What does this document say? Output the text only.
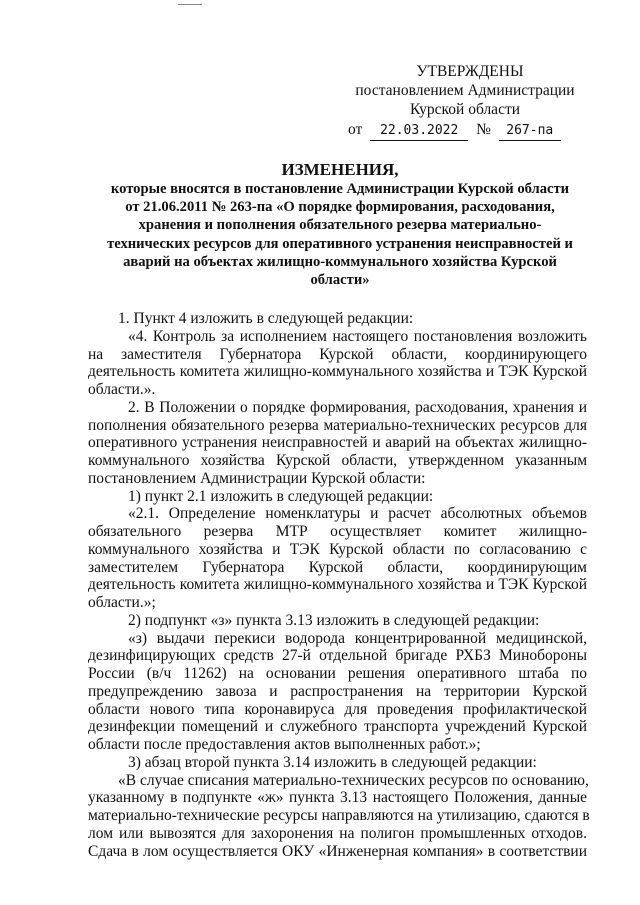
УТВЕРЖДЕНЫ
постановлением Администрации
Курской области
от 22.03.2022 № 267-па
ИЗМЕНЕНИЯ,
которые вносятся в постановление Администрации Курской области
от 21.06.2011 № 263-па «О порядке формирования, расходования,
хранения и пополнения обязательного резерва материально-
технических ресурсов для оперативного устранения неисправностей и
аварий на объектах жилищно-коммунального хозяйства Курской
области»
1. Пункт 4 изложить в следующей редакции:
«4. Контроль за исполнением настоящего постановления возложить
на заместителя Губернатора Курской области, координирующего
деятельность комитета жилищно-коммунального хозяйства и ТЭК Курской
области.».
2. В Положении о порядке формирования, расходования, хранения и
пополнения обязательного резерва материально-технических ресурсов для
оперативного устранения неисправностей и аварий на объектах жилищно-
коммунального хозяйства Курской области, утвержденном указанным
постановлением Администрации Курской области:
1) пункт 2.1 изложить в следующей редакции:
«2.1. Определение номенклатуры и расчет абсолютных объемов
обязательного резерва МТР осуществляет комитет жилищно-
коммунального хозяйства и ТЭК Курской области по согласованию с
заместителем Губернатора Курской области, координирующим
деятельность комитета жилищно-коммунального хозяйства и ТЭК Курской
области.»;
2) подпункт «з» пункта 3.13 изложить в следующей редакции:
«з) выдачи перекиси водорода концентрированной медицинской,
дезинфицирующих средств 27-й отдельной бригаде РХБЗ Минобороны
России (в/ч 11262) на основании решения оперативного штаба по
предупреждению завоза и распространения на территории Курской
области нового типа коронавируса для проведения профилактической
дезинфекции помещений и служебного транспорта учреждений Курской
области после предоставления актов выполненных работ.»;
3) абзац второй пункта 3.14 изложить в следующей редакции:
«В случае списания материально-технических ресурсов по основанию,
указанному в подпункте «ж» пункта 3.13 настоящего Положения, данные
материально-технические ресурсы направляются на утилизацию, сдаются в
лом или вывозятся для захоронения на полигон промышленных отходов.
Сдача в лом осуществляется ОКУ «Инженерная компания» в соответствии
